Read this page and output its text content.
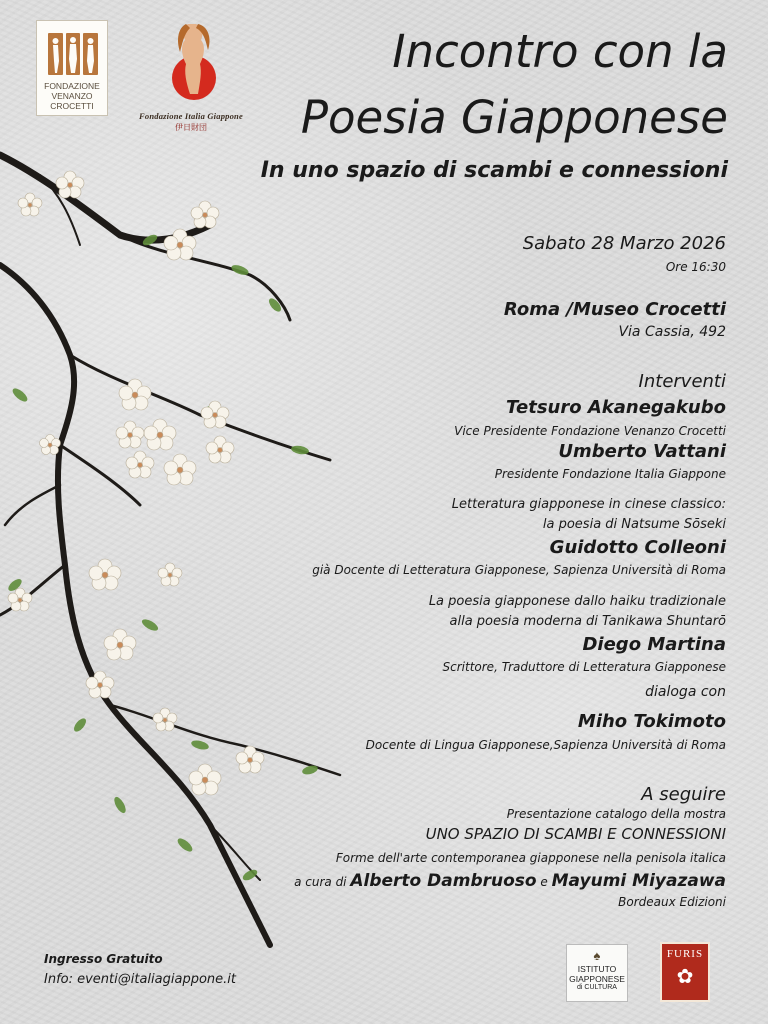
FONDAZIONE
VENANZO
CROCETTI
Fondazione Italia Giappone
伊日財団
Incontro con la
Poesia Giapponese
In uno spazio di scambi e connessioni
Sabato 28 Marzo 2026
Ore 16:30
Roma /Museo Crocetti
Via Cassia, 492
Interventi
Tetsuro Akanegakubo
Vice Presidente Fondazione Venanzo Crocetti
Umberto Vattani
Presidente Fondazione Italia Giappone
Letteratura giapponese in cinese classico:
la poesia di Natsume Sōseki
Guidotto Colleoni
già Docente di Letteratura Giapponese, Sapienza Università di Roma
La poesia giapponese dallo haiku tradizionale
alla poesia moderna di Tanikawa Shuntarō
Diego Martina
Scrittore, Traduttore di Letteratura Giapponese
dialoga con
Miho Tokimoto
Docente di Lingua Giapponese,Sapienza Università di Roma
A seguire
Presentazione catalogo della mostra
UNO SPAZIO DI SCAMBI E CONNESSIONI
Forme dell'arte contemporanea giapponese nella penisola italica
a cura di Alberto Dambruoso e Mayumi Miyazawa
Bordeaux Edizioni
Ingresso Gratuito
Info: eventi@italiagiappone.it
♠
ISTITUTO
GIAPPONESE
di CULTURA
FURIS
✿
